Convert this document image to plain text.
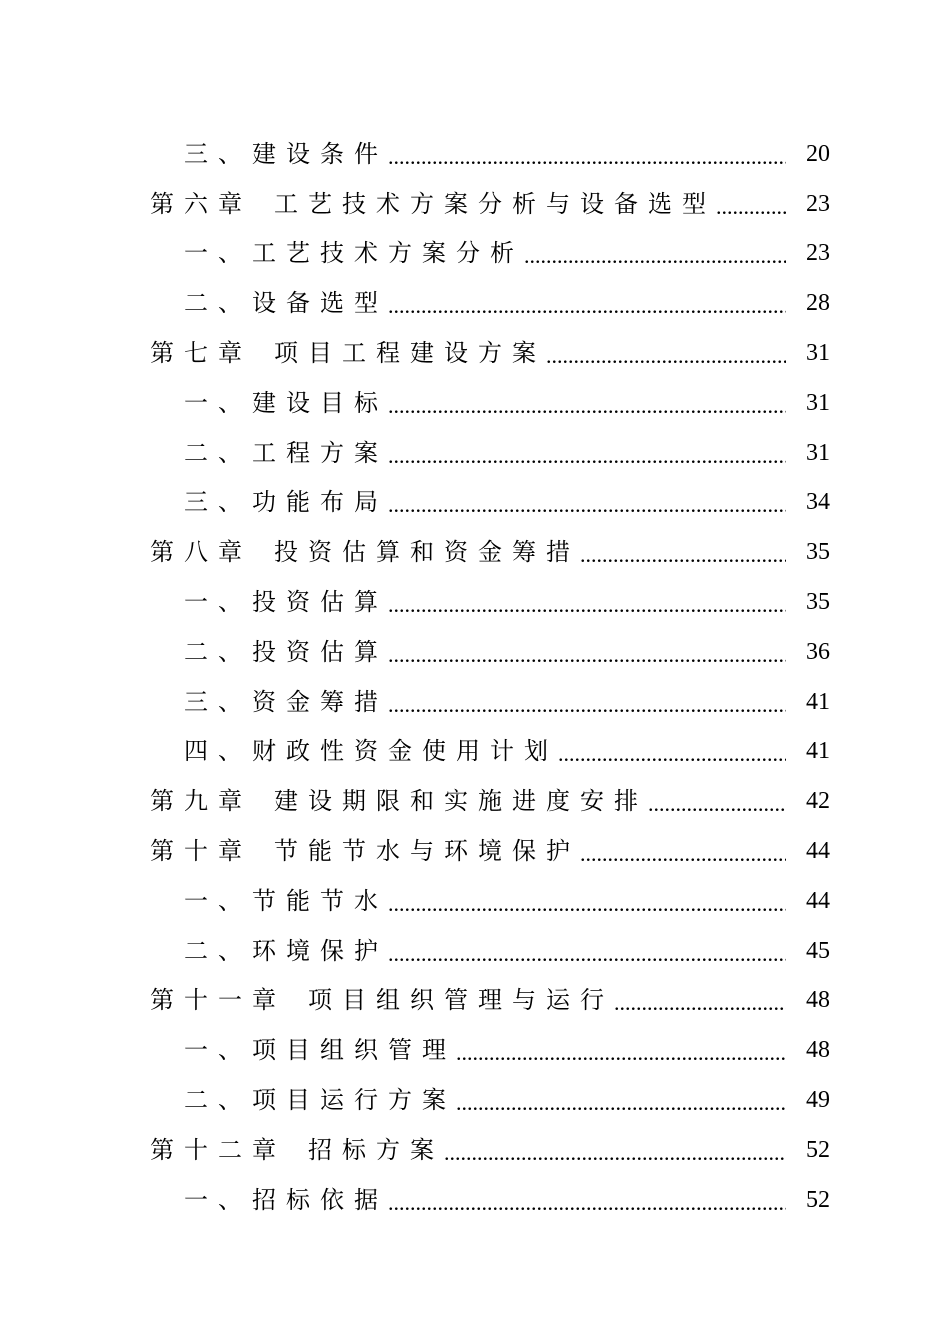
三、建设条件 .....	20
第六章 工艺技术方案分析与设备选型 .....	23
一、工艺技术方案分析 .....	23
二、设备选型 .....	28
第七章 项目工程建设方案 .....	31
一、建设目标 .....	31
二、工程方案 .....	31
三、功能布局 .....	34
第八章 投资估算和资金筹措 .....	35
一、投资估算 .....	35
二、投资估算 .....	36
三、资金筹措 .....	41
四、财政性资金使用计划 .....	41
第九章 建设期限和实施进度安排 .....	42
第十章 节能节水与环境保护 .....	44
一、节能节水 .....	44
二、环境保护 .....	45
第十一章 项目组织管理与运行 .....	48
一、项目组织管理 .....	48
二、项目运行方案 .....	49
第十二章 招标方案 .....	52
一、招标依据 .....	52
